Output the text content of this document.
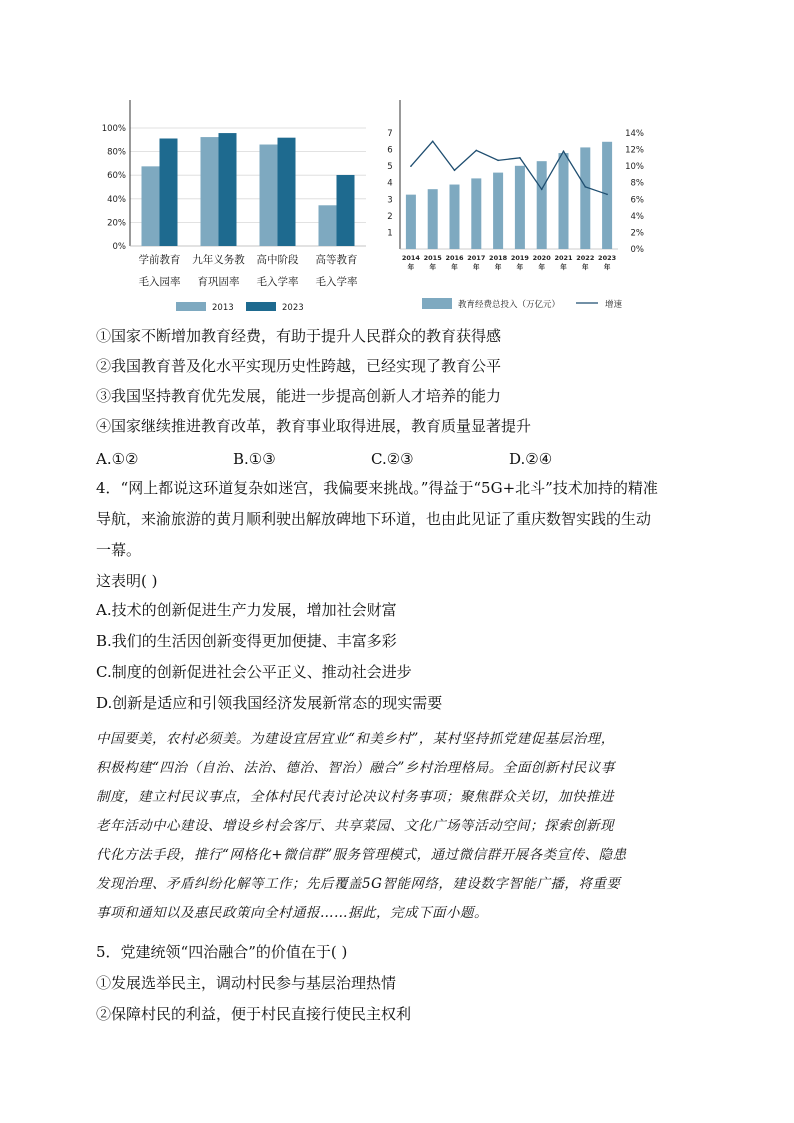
0%
20%
40%
60%
80%
100%
学前教育
毛入园率
九年义务教
育巩固率
高中阶段
毛入学率
高等教育
毛入学率
2013	2023
1
2
3
4
5
6
7
0%
2%
4%
6%
8%
10%
12%
14%
2014
年
2015
年
2016
年
2017
年
2018
年
2019
年
2020
年
2021
年
2022
年
2023
年
教育经费总投入（万亿元）	增速
①国家不断增加教育经费，有助于提升人民群众的教育获得感
②我国教育普及化水平实现历史性跨越，已经实现了教育公平
③我国坚持教育优先发展，能进一步提高创新人才培养的能力
④国家继续推进教育改革，教育事业取得进展，教育质量显著提升
A.①②	B.①③	C.②③	D.②④
4．“网上都说这环道复杂如迷宫，我偏要来挑战。”得益于“5G+北斗”技术加持的精准
导航，来渝旅游的黄月顺利驶出解放碑地下环道，也由此见证了重庆数智实践的生动
一幕。
这表明( )
A.技术的创新促进生产力发展，增加社会财富
B.我们的生活因创新变得更加便捷、丰富多彩
C.制度的创新促进社会公平正义、推动社会进步
D.创新是适应和引领我国经济发展新常态的现实需要
中国要美，农村必须美。为建设宜居宜业“和美乡村”，某村坚持抓党建促基层治理，
积极构建“四治（自治、法治、德治、智治）融合”乡村治理格局。全面创新村民议事
制度，建立村民议事点，全体村民代表讨论决议村务事项；聚焦群众关切，加快推进
老年活动中心建设、增设乡村会客厅、共享菜园、文化广场等活动空间；探索创新现
代化方法手段，推行“网格化+微信群”服务管理模式，通过微信群开展各类宣传、隐患
发现治理、矛盾纠纷化解等工作；先后覆盖5G智能网络，建设数字智能广播，将重要
事项和通知以及惠民政策向全村通报……据此，完成下面小题。
5．党建统领“四治融合”的价值在于( )
①发展选举民主，调动村民参与基层治理热情
②保障村民的利益，便于村民直接行使民主权利
